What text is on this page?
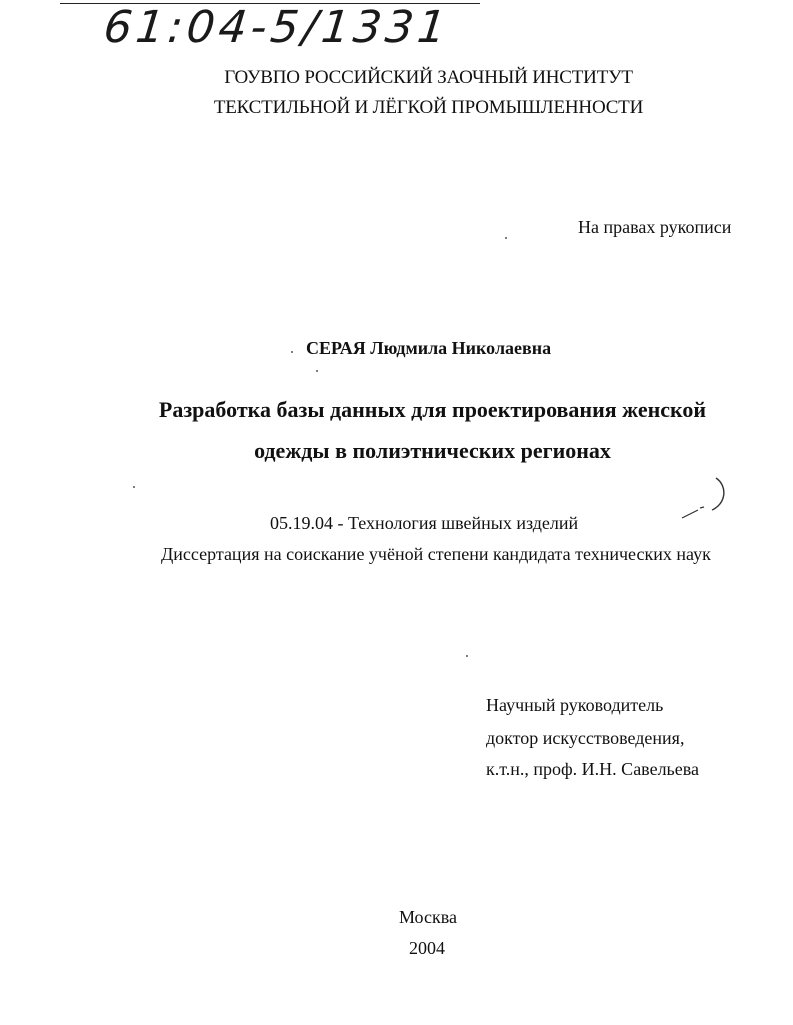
61:04-5/1331
ГОУВПО РОССИЙСКИЙ ЗАОЧНЫЙ ИНСТИТУТ
ТЕКСТИЛЬНОЙ И ЛЁГКОЙ ПРОМЫШЛЕННОСТИ
На правах рукописи
СЕРАЯ Людмила Николаевна
Разработка базы данных для проектирования женской
одежды в полиэтнических регионах
05.19.04 - Технология швейных изделий
Диссертация на соискание учёной степени кандидата технических наук
Научный руководитель
доктор искусствоведения,
к.т.н., проф. И.Н. Савельева
Москва
2004
